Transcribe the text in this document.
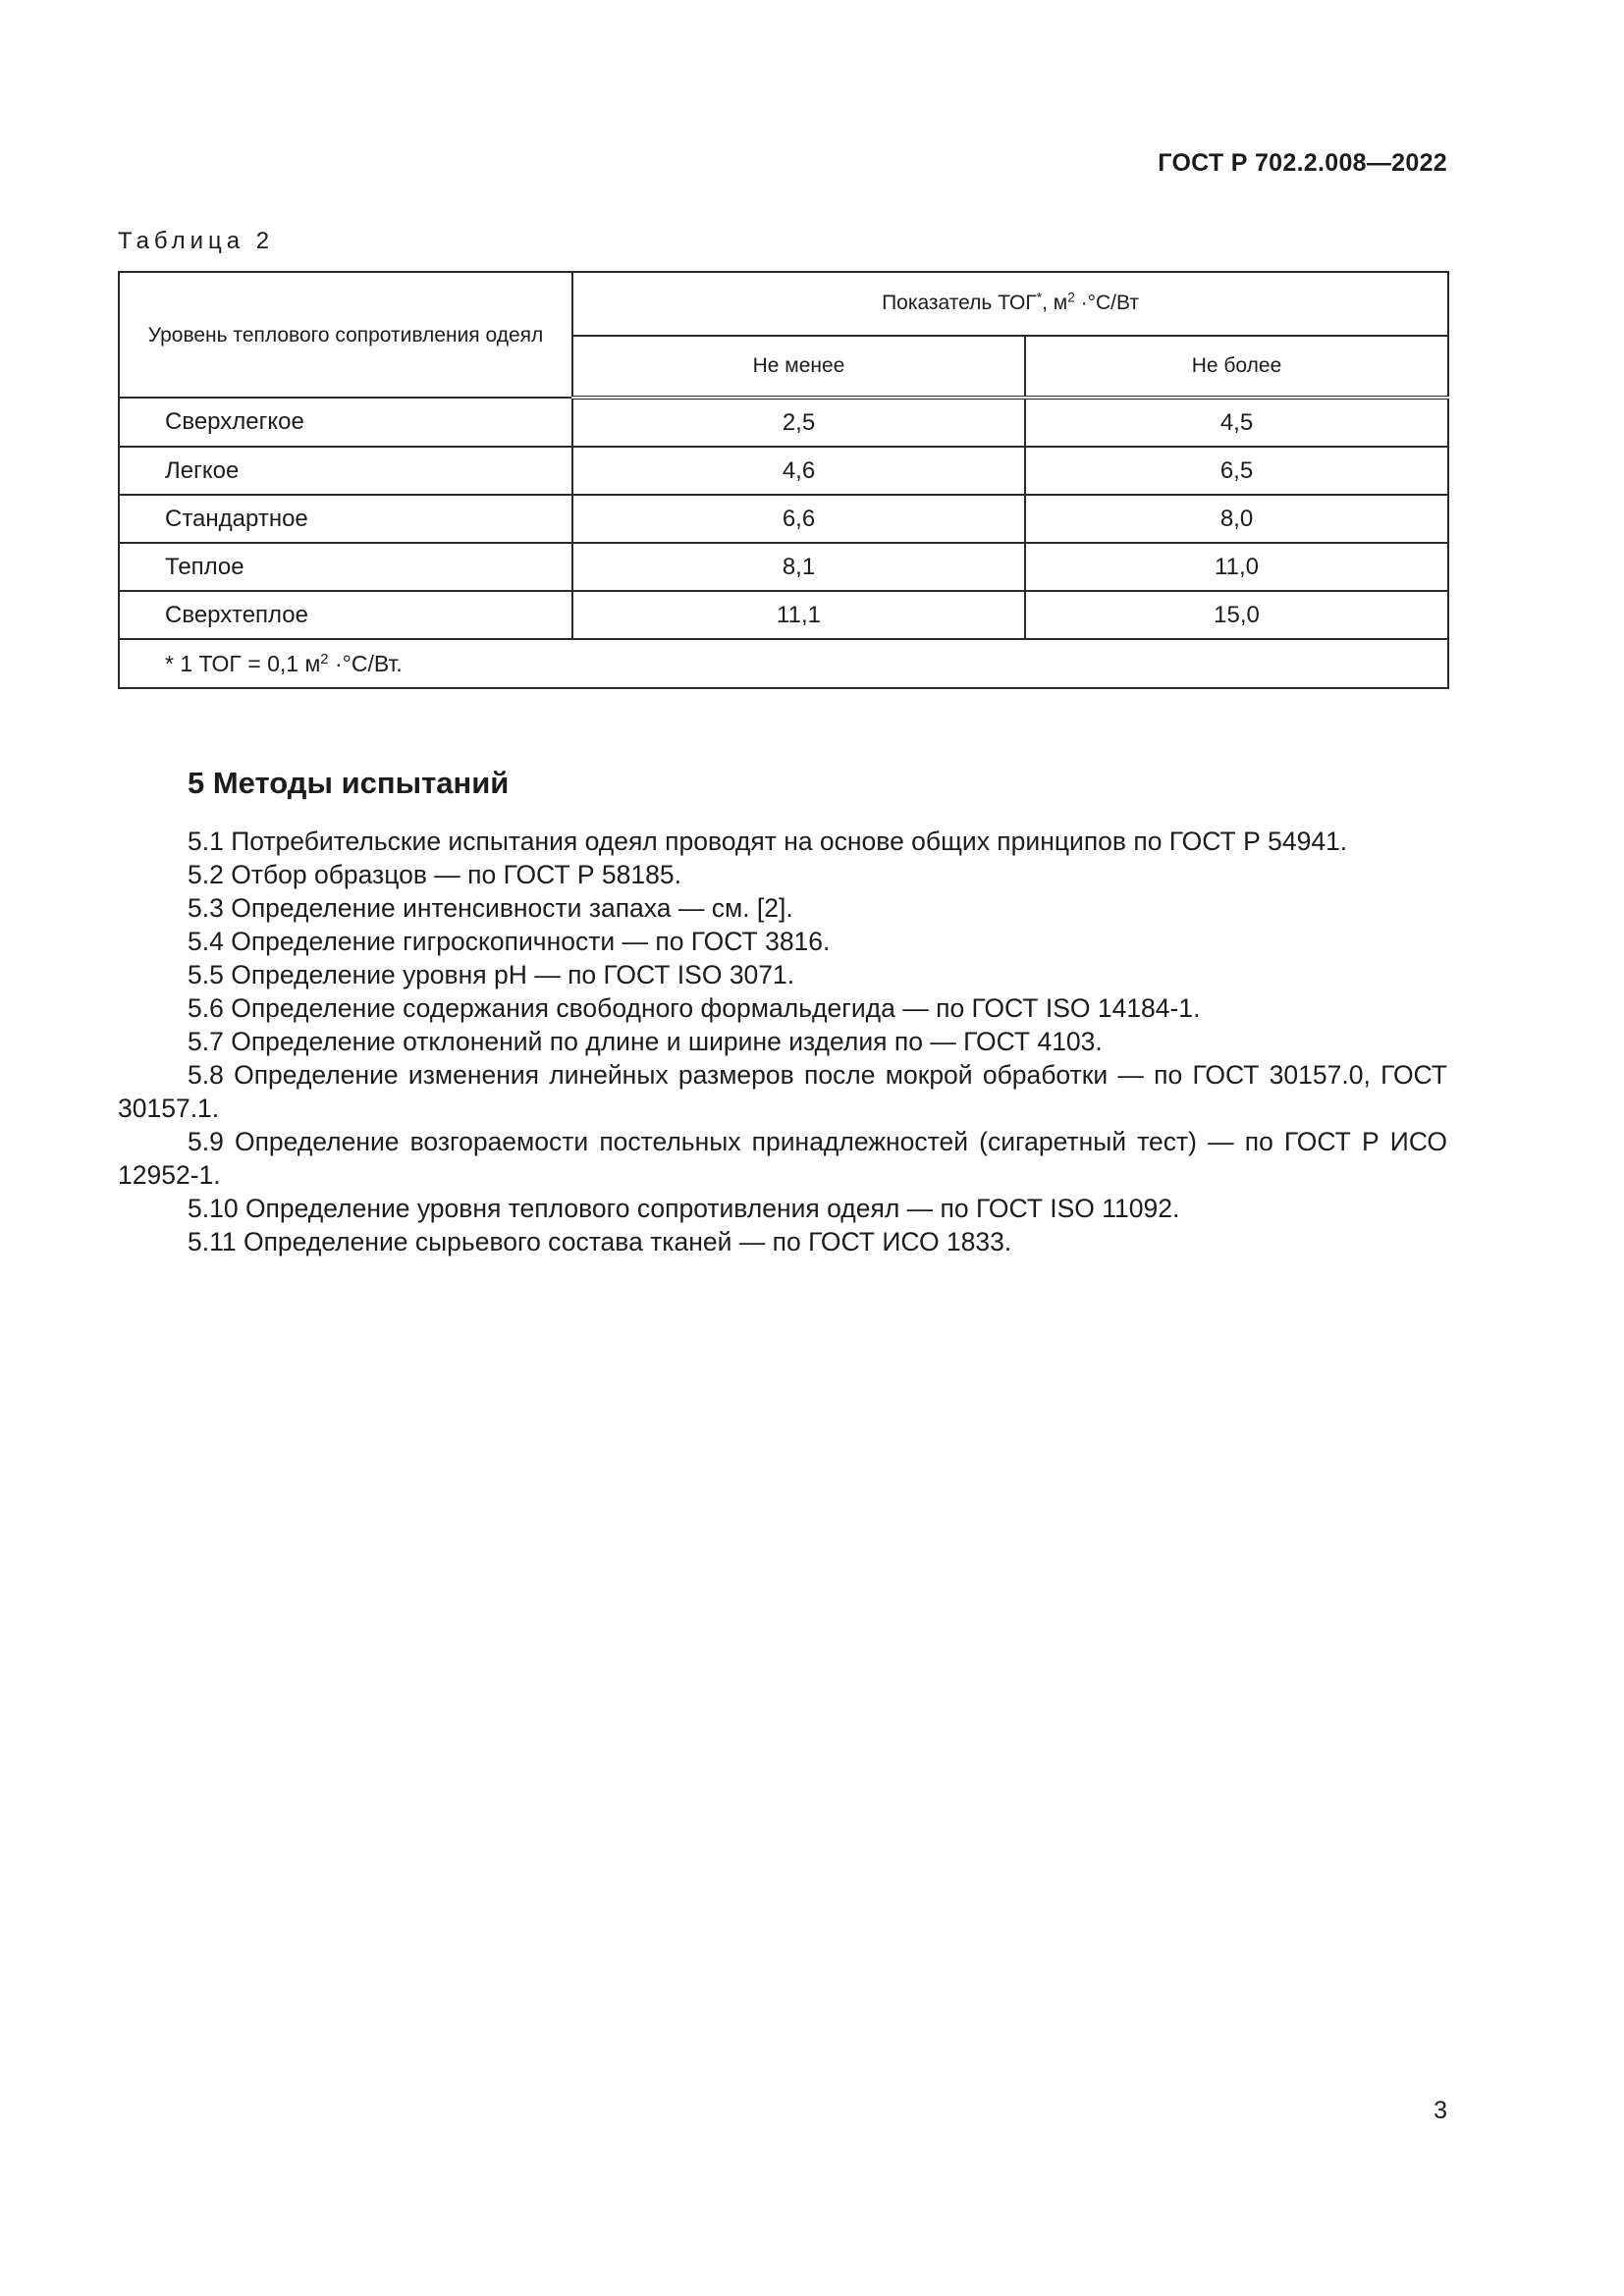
ГОСТ Р 702.2.008—2022
Таблица 2
Уровень теплового сопротивления одеял	Показатель ТОГ*, $м^2 \cdot^\circ С/Вт$	
	Не менее	Не более
Сверхлегкое	2,5	4,5
Легкое	4,6	6,5
Стандартное	6,6	8,0
Теплое	8,1	11,0
Сверхтеплое	11,1	15,0
* 1 ТОГ = 0,1 $м^2 \cdot^\circ С/Вт$.		
5 Методы испытаний

5.1 Потребительские испытания одеял проводят на основе общих принципов по ГОСТ Р 54941.

5.2 Отбор образцов — по ГОСТ Р 58185.

5.3 Определение интенсивности запаха — см. [2].

5.4 Определение гигроскопичности — по ГОСТ 3816.

5.5 Определение уровня pH — по ГОСТ ISO 3071.

5.6 Определение содержания свободного формальдегида — по ГОСТ ISO 14184-1.

5.7 Определение отклонений по длине и ширине изделия по — ГОСТ 4103.

5.8 Определение изменения линейных размеров после мокрой обработки — по ГОСТ 30157.0, ГОСТ 30157.1.

5.9 Определение возгораемости постельных принадлежностей (сигаретный тест) — по ГОСТ Р ИСО 12952-1.

5.10 Определение уровня теплового сопротивления одеял — по ГОСТ ISO 11092.

5.11 Определение сырьевого состава тканей — по ГОСТ ИСО 1833.

3
